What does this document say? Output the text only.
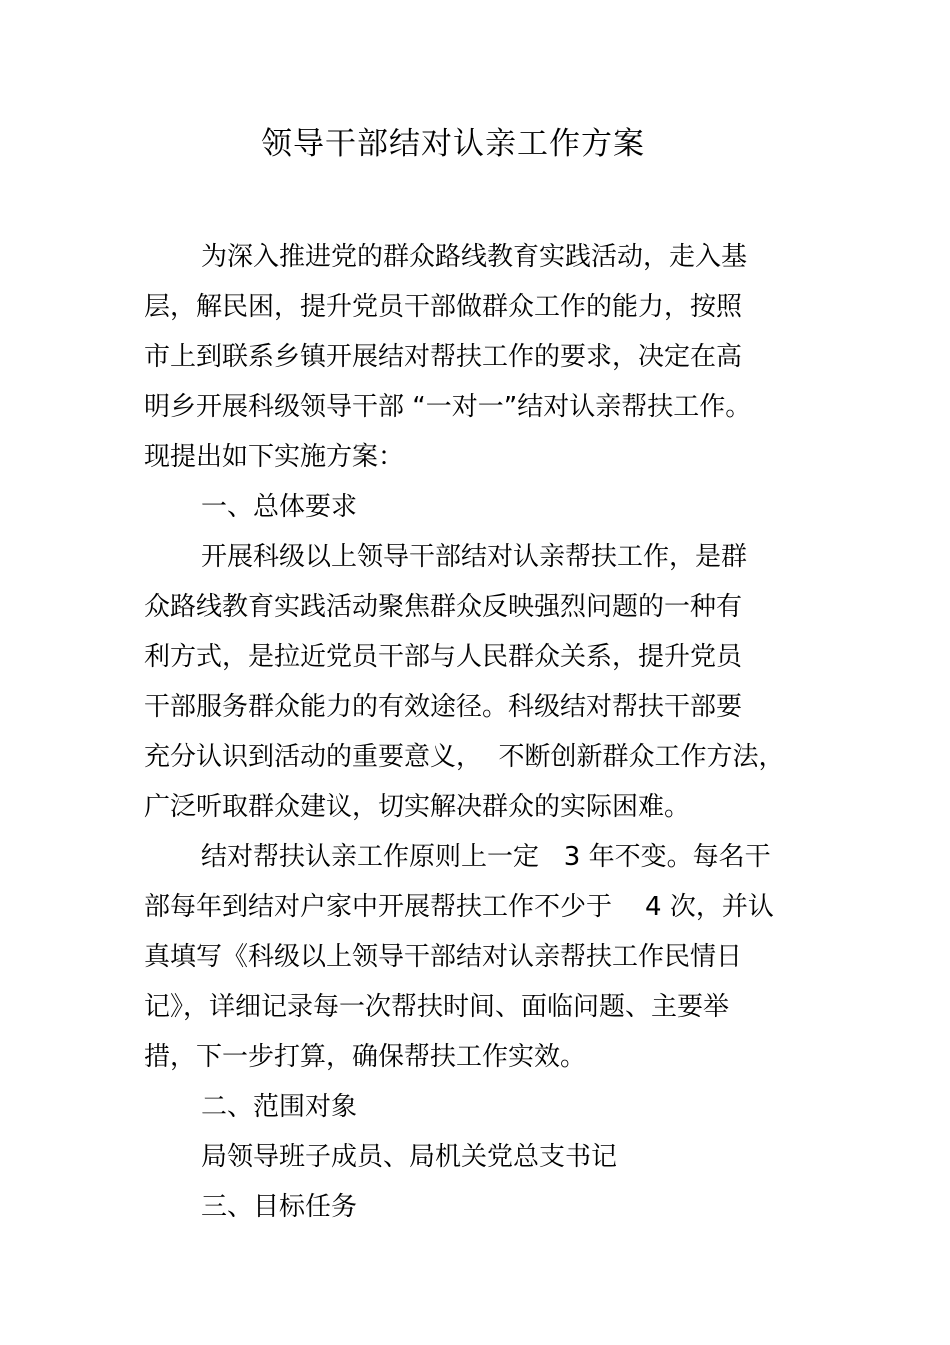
领导干部结对认亲工作方案
为深入推进党的群众路线教育实践活动，走入基
层，解民困，提升党员干部做群众工作的能力，按照
市上到联系乡镇开展结对帮扶工作的要求，决定在高
明乡开展科级领导干部 “一对一”结对认亲帮扶工作。
现提出如下实施方案：
一、总体要求
开展科级以上领导干部结对认亲帮扶工作，是群
众路线教育实践活动聚焦群众反映强烈问题的一种有
利方式，是拉近党员干部与人民群众关系，提升党员
干部服务群众能力的有效途径。科级结对帮扶干部要
充分认识到活动的重要意义，  不断创新群众工作方法，
广泛听取群众建议，切实解决群众的实际困难。
结对帮扶认亲工作原则上一定   3 年不变。每名干
部每年到结对户家中开展帮扶工作不少于    4 次，并认
真填写《科级以上领导干部结对认亲帮扶工作民情日
记》，详细记录每一次帮扶时间、面临问题、主要举
措，下一步打算，确保帮扶工作实效。
二、范围对象
局领导班子成员、局机关党总支书记
三、目标任务
